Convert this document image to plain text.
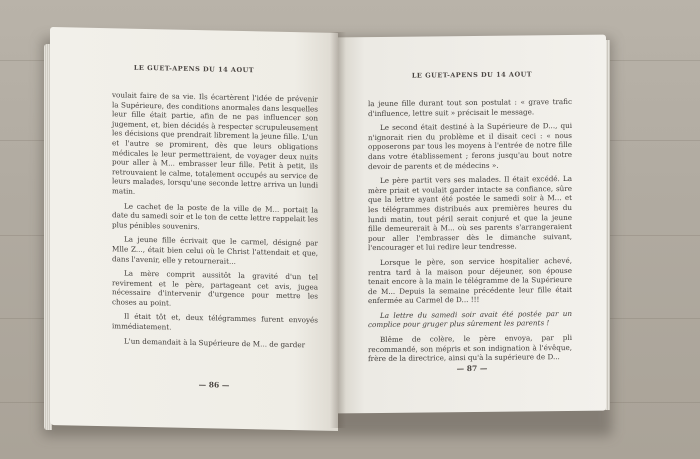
LE GUET-APENS DU 14 AOUT

voulait faire de sa vie. Ils écartèrent l'idée de prévenir la Supérieure, des conditions anormales dans lesquelles leur fille était partie, afin de ne pas influencer son jugement, et, bien décidés à respecter scrupuleusement les décisions que prendrait librement la jeune fille. L'un et l'autre se promirent, dès que leurs obligations médicales le leur permettraient, de voyager deux nuits pour aller à M... embrasser leur fille. Petit à petit, ils retrouvaient le calme, totalement occupés au service de leurs malades, lorsqu'une seconde lettre arriva un lundi matin.

Le cachet de la poste de la ville de M... portait la date du samedi soir et le ton de cette lettre rappelait les plus pénibles souvenirs.

La jeune fille écrivait que le carmel, désigné par Mlle Z..., était bien celui où le Christ l'attendait et que, dans l'avenir, elle y retournerait...

La mère comprit aussitôt la gravité d'un tel revirement et le père, partageant cet avis, jugea nécessaire d'intervenir d'urgence pour mettre les choses au point.

Il était tôt et, deux télégrammes furent envoyés immédiatement.

L'un demandait à la Supérieure de M... de garder

— 86 —
LE GUET-APENS DU 14 AOUT

la jeune fille durant tout son postulat : « grave trafic d'influence, lettre suit » précisait le message.

Le second était destiné à la Supérieure de D..., qui n'ignorait rien du problème et il disait ceci : « nous opposerons par tous les moyens à l'entrée de notre fille dans votre établissement ; ferons jusqu'au bout notre devoir de parents et de médecins ».

Le père partit vers ses malades. Il était excédé. La mère priait et voulait garder intacte sa confiance, sûre que la lettre ayant été postée le samedi soir à M... et les télégrammes distribués aux premières heures du lundi matin, tout péril serait conjuré et que la jeune fille demeurerait à M... où ses parents s'arrangeraient pour aller l'embrasser dès le dimanche suivant, l'encourager et lui redire leur tendresse.

Lorsque le père, son service hospitalier achevé, rentra tard à la maison pour déjeuner, son épouse tenait encore à la main le télégramme de la Supérieure de M... Depuis la semaine précédente leur fille était enfermée au Carmel de D... !!!

La lettre du samedi soir avait été postée par un complice pour gruger plus sûrement les parents !

Blême de colère, le père envoya, par pli recommandé, son mépris et son indignation à l'évêque, frère de la directrice, ainsi qu'à la supérieure de D...

— 87 —
